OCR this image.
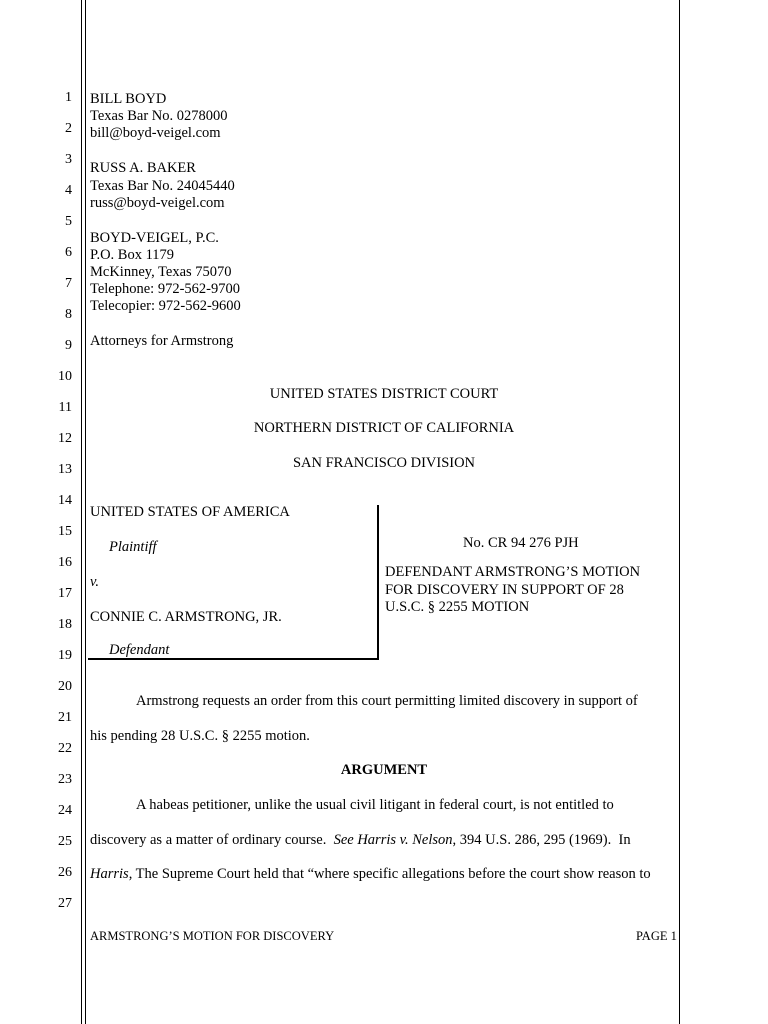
1
2
3
4
5
6
7
8
9
10
11
12
13
14
15
16
17
18
19
20
21
22
23
24
25
26
27
BILL BOYD
Texas Bar No. 0278000
bill@boyd-veigel.com
RUSS A. BAKER
Texas Bar No. 24045440
russ@boyd-veigel.com
BOYD-VEIGEL, P.C.
P.O. Box 1179
McKinney, Texas 75070
Telephone: 972-562-9700
Telecopier: 972-562-9600
Attorneys for Armstrong
UNITED STATES DISTRICT COURT
NORTHERN DISTRICT OF CALIFORNIA
SAN FRANCISCO DIVISION
UNITED STATES OF AMERICA
Plaintiff
v.
CONNIE C. ARMSTRONG, JR.
Defendant
No. CR 94 276 PJH
DEFENDANT ARMSTRONG’S MOTION
FOR DISCOVERY IN SUPPORT OF 28
U.S.C. § 2255 MOTION
Armstrong requests an order from this court permitting limited discovery in support of
his pending 28 U.S.C. § 2255 motion.
ARGUMENT
A habeas petitioner, unlike the usual civil litigant in federal court, is not entitled to
discovery as a matter of ordinary course.  See Harris v. Nelson, 394 U.S. 286, 295 (1969).  In
Harris, The Supreme Court held that “where specific allegations before the court show reason to
ARMSTRONG’S MOTION FOR DISCOVERY	PAGE 1
